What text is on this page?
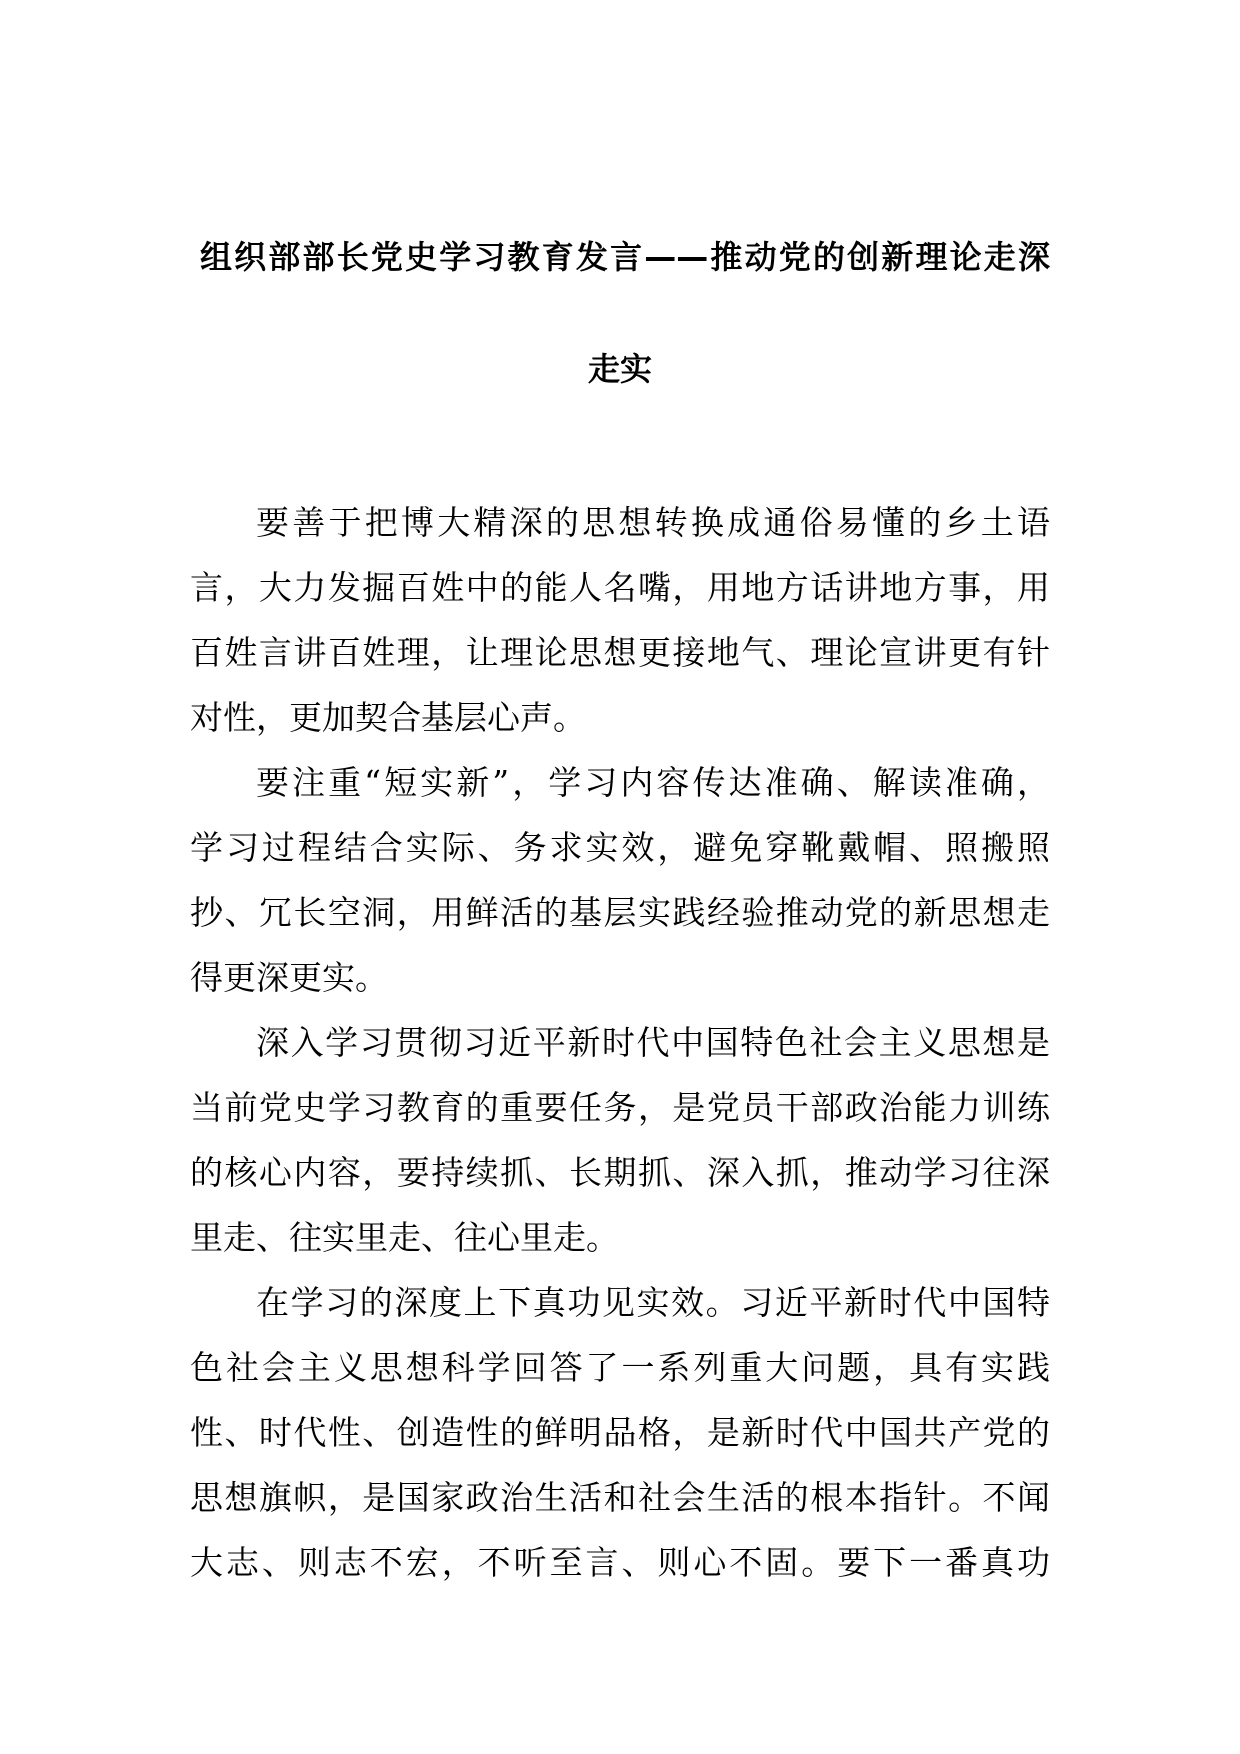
组织部部长党史学习教育发言——推动党的创新理论走深
走实
要善于把博大精深的思想转换成通俗易懂的乡土语
言，大力发掘百姓中的能人名嘴，用地方话讲地方事，用
百姓言讲百姓理，让理论思想更接地气、理论宣讲更有针
对性，更加契合基层心声。
要注重“短实新”，学习内容传达准确、解读准确，
学习过程结合实际、务求实效，避免穿靴戴帽、照搬照
抄、冗长空洞，用鲜活的基层实践经验推动党的新思想走
得更深更实。
深入学习贯彻习近平新时代中国特色社会主义思想是
当前党史学习教育的重要任务，是党员干部政治能力训练
的核心内容，要持续抓、长期抓、深入抓，推动学习往深
里走、往实里走、往心里走。
在学习的深度上下真功见实效。习近平新时代中国特
色社会主义思想科学回答了一系列重大问题，具有实践
性、时代性、创造性的鲜明品格，是新时代中国共产党的
思想旗帜，是国家政治生活和社会生活的根本指针。不闻
大志、则志不宏，不听至言、则心不固。要下一番真功
